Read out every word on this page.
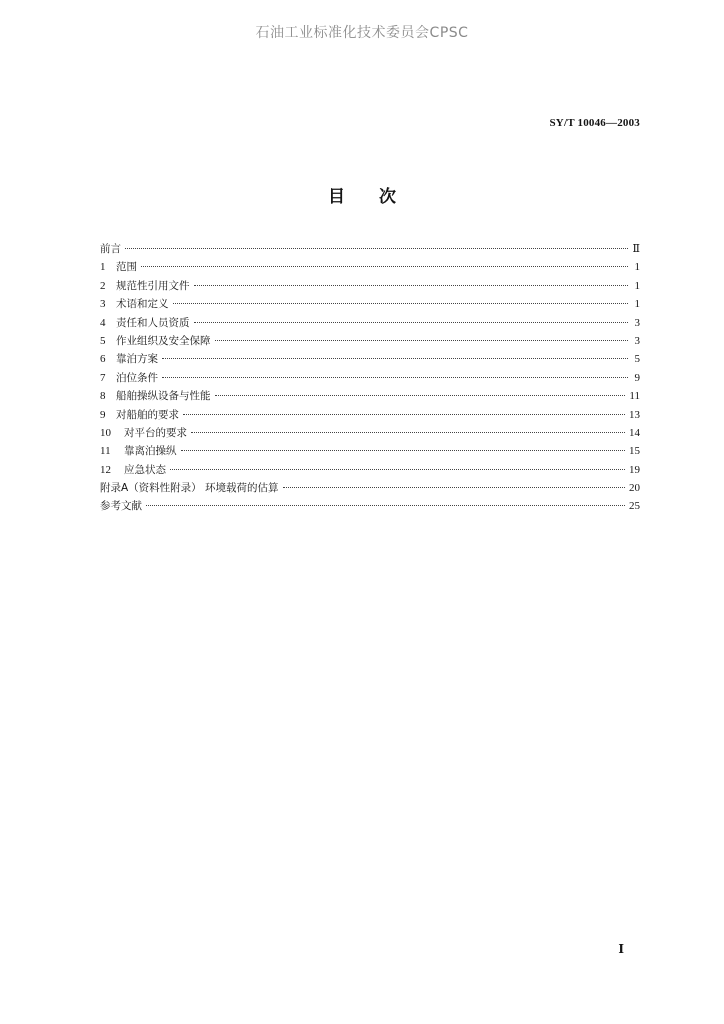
石油工业标准化技术委员会CPSC
SY/T 10046—2003
目次
前言	Ⅱ
1	范围	1
2	规范性引用文件	1
3	术语和定义	1
4	责任和人员资质	3
5	作业组织及安全保障	3
6	靠泊方案	5
7	泊位条件	9
8	船舶操纵设备与性能	11
9	对船舶的要求	13
10	对平台的要求	14
11	靠离泊操纵	15
12	应急状态	19
附录A（资料性附录） 环境载荷的估算	20
参考文献	25
Ⅰ
